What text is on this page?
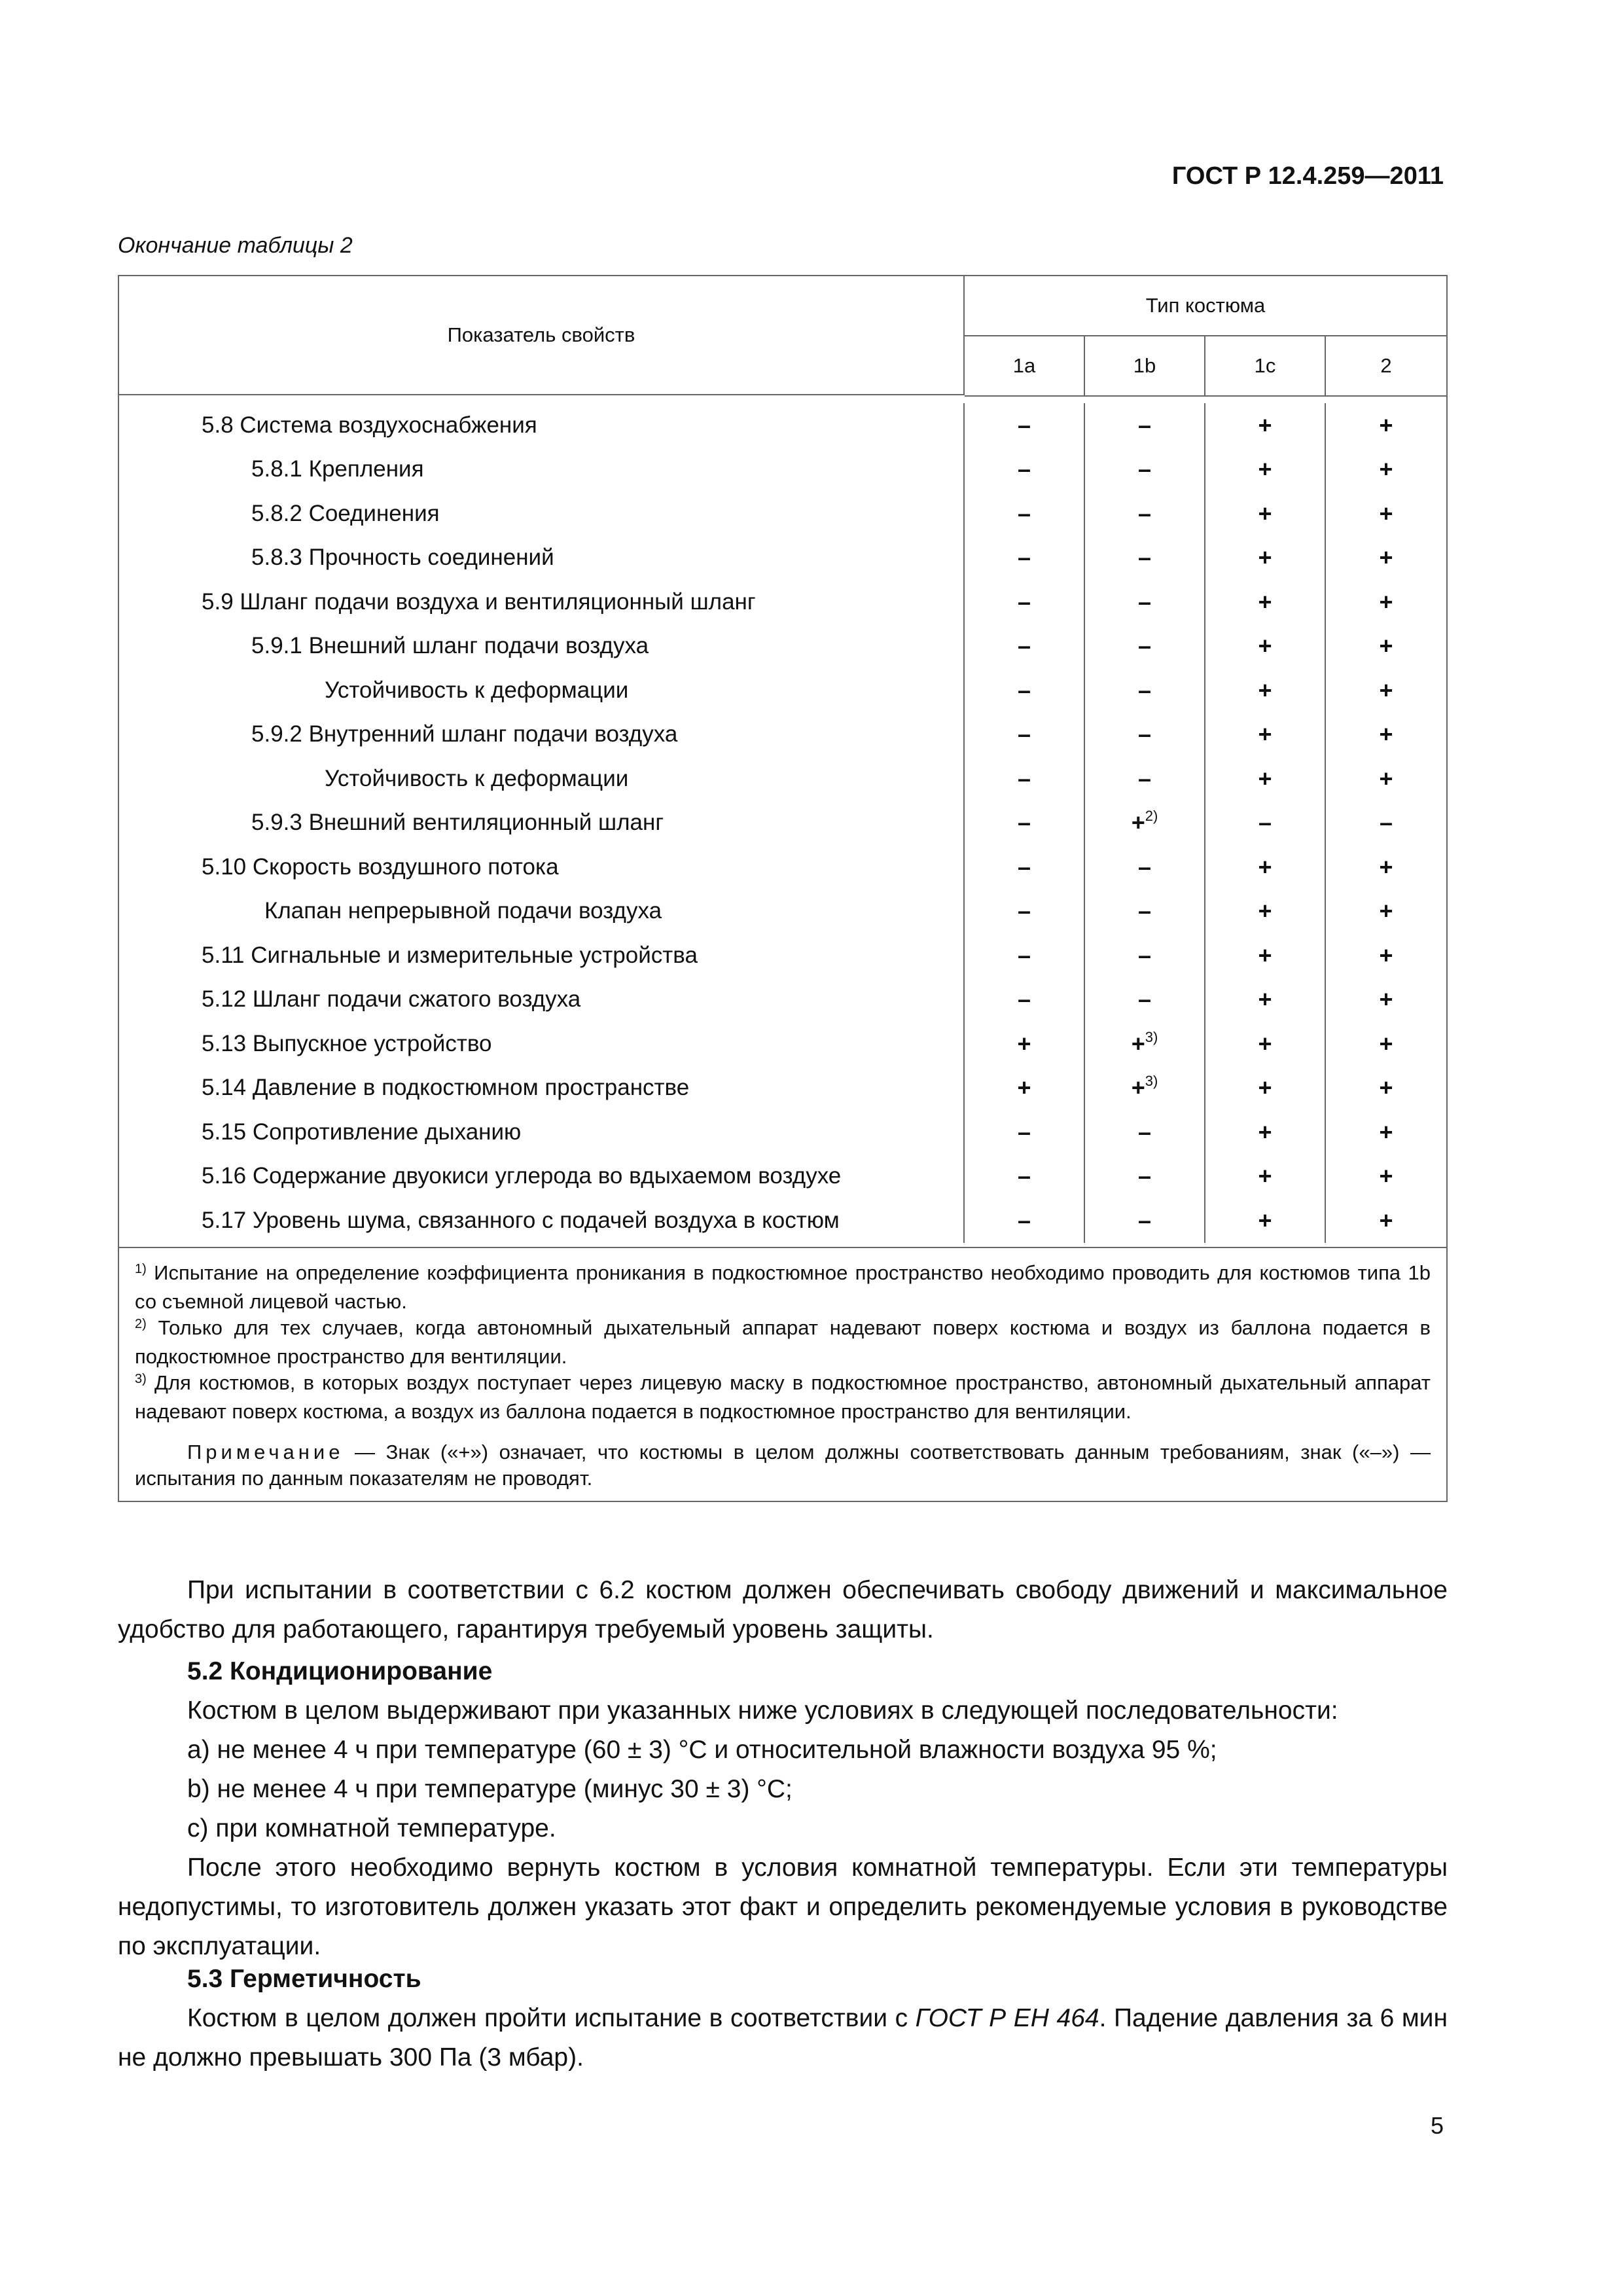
ГОСТ Р 12.4.259—2011
Окончание таблицы 2
Показатель свойств
Тип костюма
1a	1b	1c	2
5.8 Система воздухоснабжения	–	–	+	+
5.8.1 Крепления	–	–	+	+
5.8.2 Соединения	–	–	+	+
5.8.3 Прочность соединений	–	–	+	+
5.9 Шланг подачи воздуха и вентиляционный шланг	–	–	+	+
5.9.1 Внешний шланг подачи воздуха	–	–	+	+
Устойчивость к деформации	–	–	+	+
5.9.2 Внутренний шланг подачи воздуха	–	–	+	+
Устойчивость к деформации	–	–	+	+
5.9.3 Внешний вентиляционный шланг	–	+$^{2)}$	–	–
5.10 Скорость воздушного потока	–	–	+	+
Клапан непрерывной подачи воздуха	–	–	+	+
5.11 Сигнальные и измерительные устройства	–	–	+	+
5.12 Шланг подачи сжатого воздуха	–	–	+	+
5.13 Выпускное устройство	+	+$^{3)}$	+	+
5.14 Давление в подкостюмном пространстве	+	+$^{3)}$	+	+
5.15 Сопротивление дыханию	–	–	+	+
5.16 Содержание двуокиси углерода во вдыхаемом воздухе	–	–	+	+
5.17 Уровень шума, связанного с подачей воздуха в костюм	–	–	+	+

$^{1)}$ Испытание на определение коэффициента проникания в подкостюмное пространство необходимо проводить для костюмов типа 1b со съемной лицевой частью.

$^{2)}$ Только для тех случаев, когда автономный дыхательный аппарат надевают поверх костюма и воздух из баллона подается в подкостюмное пространство для вентиляции.

$^{3)}$ Для костюмов, в которых воздух поступает через лицевую маску в подкостюмное пространство, автономный дыхательный аппарат надевают поверх костюма, а воздух из баллона подается в подкостюмное пространство для вентиляции.

Примечание — Знак («+») означает, что костюмы в целом должны соответствовать данным требованиям, знак («–») — испытания по данным показателям не проводят.

При испытании в соответствии с 6.2 костюм должен обеспечивать свободу движений и максимальное удобство для работающего, гарантируя требуемый уровень защиты.

5.2 Кондиционирование

Костюм в целом выдерживают при указанных ниже условиях в следующей последовательности:

a) не менее 4 ч при температуре (60 ± 3) °С и относительной влажности воздуха 95 %;

b) не менее 4 ч при температуре (минус 30 ± 3) °С;

c) при комнатной температуре.

После этого необходимо вернуть костюм в условия комнатной температуры. Если эти температуры недопустимы, то изготовитель должен указать этот факт и определить рекомендуемые условия в руководстве по эксплуатации.

5.3 Герметичность

Костюм в целом должен пройти испытание в соответствии с ГОСТ Р ЕН 464. Падение давления за 6 мин не должно превышать 300 Па (3 мбар).

5
